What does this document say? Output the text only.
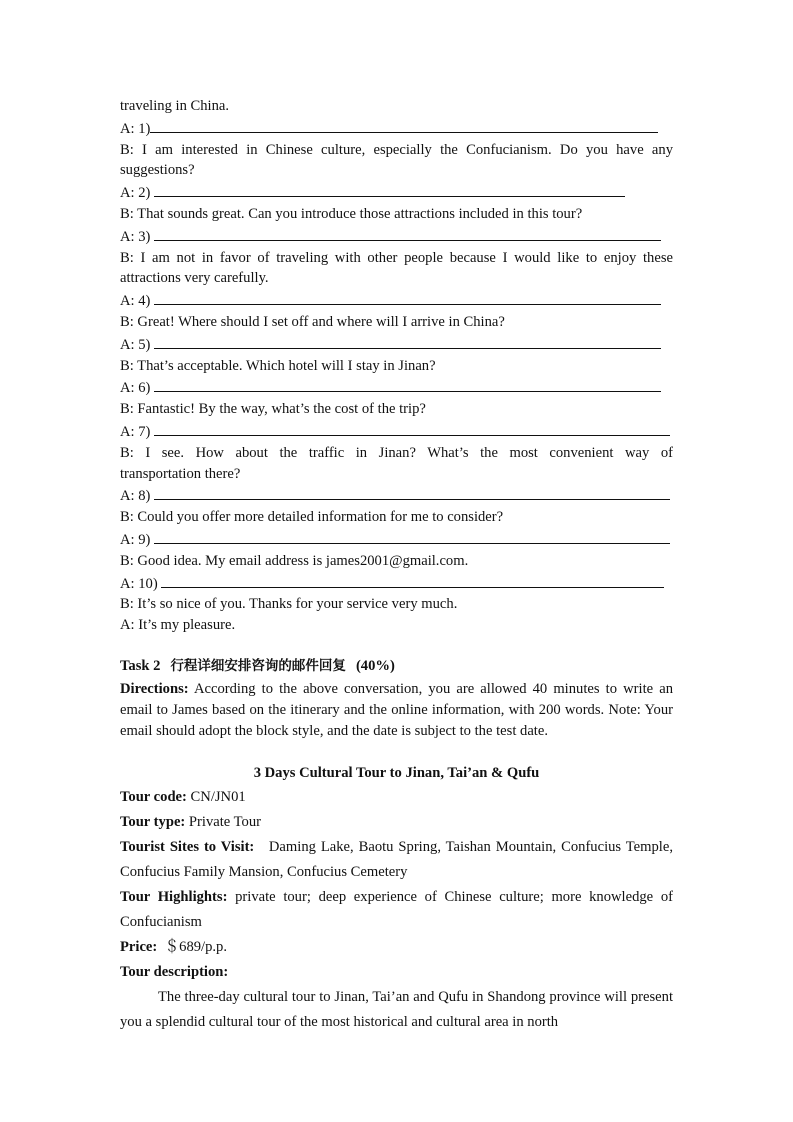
traveling in China.
A: 1)
B: I am interested in Chinese culture, especially the Confucianism. Do you have any
suggestions?
A: 2)
B: That sounds great. Can you introduce those attractions included in this tour?
A: 3)
B: I am not in favor of traveling with other people because I would like to enjoy these
attractions very carefully.
A: 4)
B: Great! Where should I set off and where will I arrive in China?
A: 5)
B: That’s acceptable. Which hotel will I stay in Jinan?
A: 6)
B: Fantastic! By the way, what’s the cost of the trip?
A: 7)
B: I see. How about the traffic in Jinan? What’s the most convenient way of
transportation there?
A: 8)
B: Could you offer more detailed information for me to consider?
A: 9)
B: Good idea. My email address is james2001@gmail.com.
A: 10)
B: It’s so nice of you. Thanks for your service very much.
A: It’s my pleasure.
Task 2 行程详细安排咨询的邮件回复 (40%)
Directions: According to the above conversation, you are allowed 40 minutes to write an email to James based on the itinerary and the online information, with 200 words. Note: Your email should adopt the block style, and the date is subject to the test date.
3 Days Cultural Tour to Jinan, Tai’an & Qufu
Tour code: CN/JN01
Tour type: Private Tour
Tourist Sites to Visit: Daming Lake, Baotu Spring, Taishan Mountain, Confucius Temple, Confucius Family Mansion, Confucius Cemetery
Tour Highlights: private tour; deep experience of Chinese culture; more knowledge of Confucianism
Price: ＄689/p.p.
Tour description:
The three-day cultural tour to Jinan, Tai’an and Qufu in Shandong province will present you a splendid cultural tour of the most historical and cultural area in north
